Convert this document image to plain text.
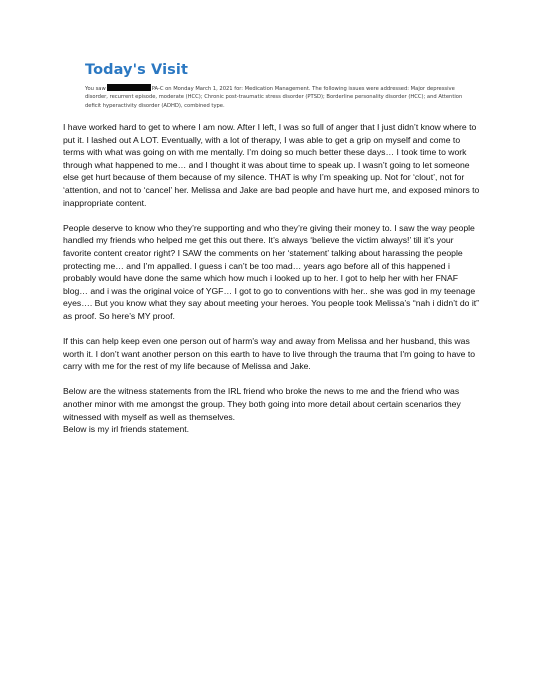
Today's Visit

You saw	PA-C on Monday March 1, 2021 for: Medication Management. The following issues were addressed: Major depressive disorder, recurrent episode, moderate (HCC); Chronic post-traumatic stress disorder (PTSD); Borderline personality disorder (HCC); and Attention deficit hyperactivity disorder (ADHD), combined type.

I have worked hard to get to where I am now. After I left, I was so full of anger that I just didn’t know where to put it. I lashed out A LOT. Eventually, with a lot of therapy, I was able to get a grip on myself and come to terms with what was going on with me mentally. I’m doing so much better these days… I took time to work through what happened to me… and I thought it was about time to speak up. I wasn’t going to let someone else get hurt because of them because of my silence. THAT is why I’m speaking up. Not for ‘clout’, not for ‘attention, and not to ‘cancel’ her. Melissa and Jake are bad people and have hurt me, and exposed minors to inappropriate content.

People deserve to know who they’re supporting and who they’re giving their money to. I saw the way people handled my friends who helped me get this out there. It’s always ‘believe the victim always!’ till it’s your favorite content creator right? I SAW the comments on her ‘statement’ talking about harassing the people protecting me… and I’m appalled. I guess i can’t be too mad… years ago before all of this happened i probably would have done the same which how much i looked up to her. I got to help her with her FNAF blog… and i was the original voice of YGF… I got to go to conventions with her.. she was god in my teenage eyes…. But you know what they say about meeting your heroes. You people took Melissa’s “nah i didn’t do it” as proof. So here’s MY proof.

If this can help keep even one person out of harm's way and away from Melissa and her husband, this was worth it. I don’t want another person on this earth to have to live through the trauma that I'm going to have to carry with me for the rest of my life because of Melissa and Jake.

Below are the witness statements from the IRL friend who broke the news to me and the friend who was another minor with me amongst the group. They both going into more detail about certain scenarios they witnessed with myself as well as themselves.

Below is my irl friends statement.
